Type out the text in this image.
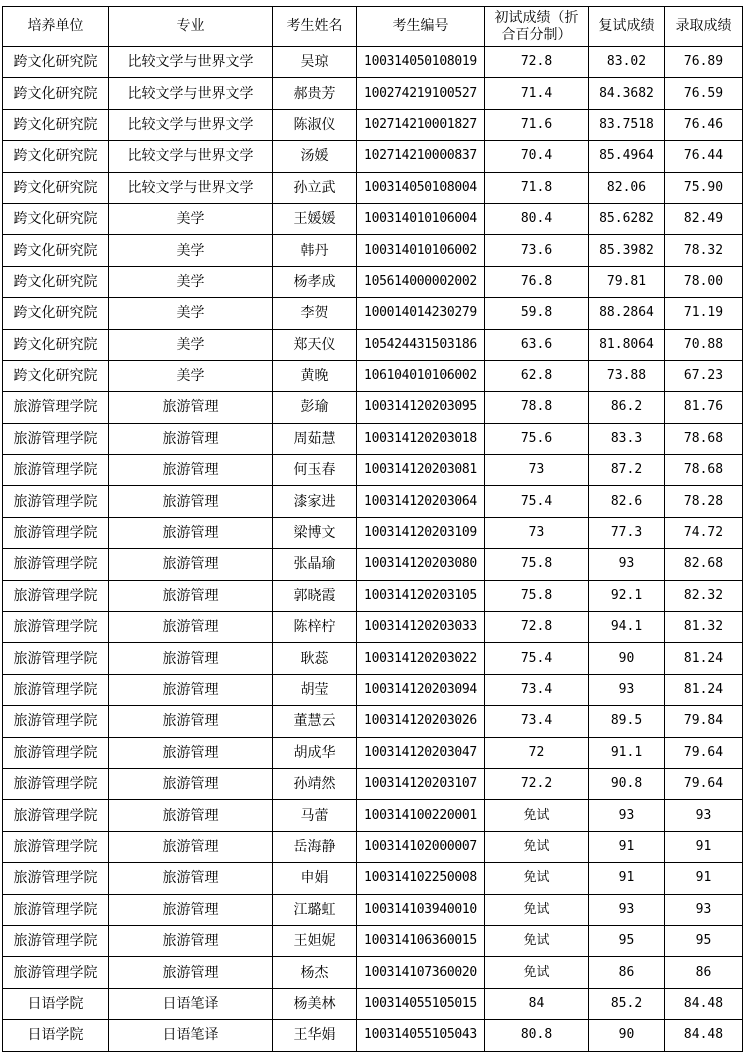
培养单位	专业	考生姓名	考生编号	初试成绩（折合百分制）	复试成绩	录取成绩
跨文化研究院	比较文学与世界文学	吴琼	100314050108019	72.8	83.02	76.89
跨文化研究院	比较文学与世界文学	郝贵芳	100274219100527	71.4	84.3682	76.59
跨文化研究院	比较文学与世界文学	陈淑仪	102714210001827	71.6	83.7518	76.46
跨文化研究院	比较文学与世界文学	汤媛	102714210000837	70.4	85.4964	76.44
跨文化研究院	比较文学与世界文学	孙立武	100314050108004	71.8	82.06	75.90
跨文化研究院	美学	王媛媛	100314010106004	80.4	85.6282	82.49
跨文化研究院	美学	韩丹	100314010106002	73.6	85.3982	78.32
跨文化研究院	美学	杨孝成	105614000002002	76.8	79.81	78.00
跨文化研究院	美学	李贺	100014014230279	59.8	88.2864	71.19
跨文化研究院	美学	郑天仪	105424431503186	63.6	81.8064	70.88
跨文化研究院	美学	黄晚	106104010106002	62.8	73.88	67.23
旅游管理学院	旅游管理	彭瑜	100314120203095	78.8	86.2	81.76
旅游管理学院	旅游管理	周茹慧	100314120203018	75.6	83.3	78.68
旅游管理学院	旅游管理	何玉春	100314120203081	73	87.2	78.68
旅游管理学院	旅游管理	漆家进	100314120203064	75.4	82.6	78.28
旅游管理学院	旅游管理	梁博文	100314120203109	73	77.3	74.72
旅游管理学院	旅游管理	张晶瑜	100314120203080	75.8	93	82.68
旅游管理学院	旅游管理	郭晓霞	100314120203105	75.8	92.1	82.32
旅游管理学院	旅游管理	陈梓柠	100314120203033	72.8	94.1	81.32
旅游管理学院	旅游管理	耿蕊	100314120203022	75.4	90	81.24
旅游管理学院	旅游管理	胡莹	100314120203094	73.4	93	81.24
旅游管理学院	旅游管理	董慧云	100314120203026	73.4	89.5	79.84
旅游管理学院	旅游管理	胡成华	100314120203047	72	91.1	79.64
旅游管理学院	旅游管理	孙靖然	100314120203107	72.2	90.8	79.64
旅游管理学院	旅游管理	马蕾	100314100220001	免试	93	93
旅游管理学院	旅游管理	岳海静	100314102000007	免试	91	91
旅游管理学院	旅游管理	申娟	100314102250008	免试	91	91
旅游管理学院	旅游管理	江璐虹	100314103940010	免试	93	93
旅游管理学院	旅游管理	王妲妮	100314106360015	免试	95	95
旅游管理学院	旅游管理	杨杰	100314107360020	免试	86	86
日语学院	日语笔译	杨美林	100314055105015	84	85.2	84.48
日语学院	日语笔译	王华娟	100314055105043	80.8	90	84.48
